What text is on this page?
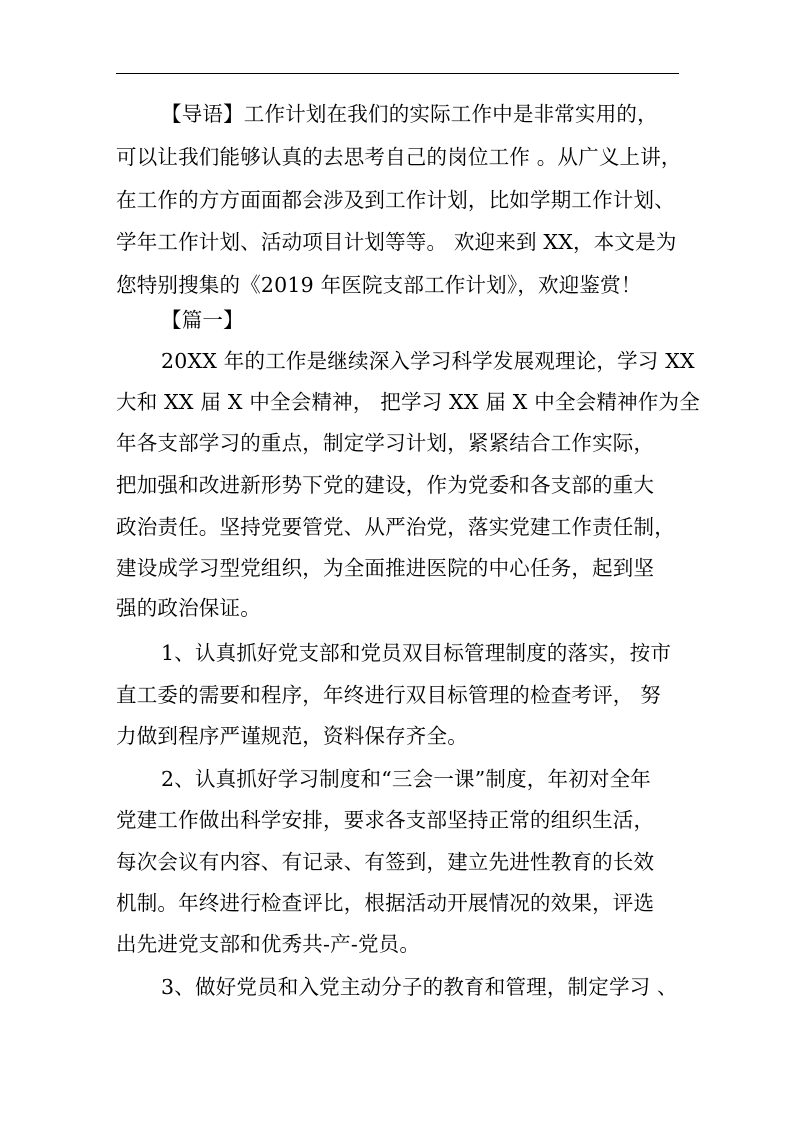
【导语】工作计划在我们的实际工作中是非常实用的，
可以让我们能够认真的去思考自己的岗位工作 。从广义上讲，
在工作的方方面面都会涉及到工作计划，比如学期工作计划、
学年工作计划、活动项目计划等等。 欢迎来到 XX，本文是为
您特别搜集的《2019 年医院支部工作计划》，欢迎鉴赏！
【篇一】
20XX 年的工作是继续深入学习科学发展观理论，学习 XX
大和 XX 届 X 中全会精神， 把学习 XX 届 X 中全会精神作为全
年各支部学习的重点，制定学习计划，紧紧结合工作实际，
把加强和改进新形势下党的建设，作为党委和各支部的重大
政治责任。坚持党要管党、从严治党，落实党建工作责任制，
建设成学习型党组织，为全面推进医院的中心任务，起到坚
强的政治保证。
1、认真抓好党支部和党员双目标管理制度的落实，按市
直工委的需要和程序，年终进行双目标管理的检查考评， 努
力做到程序严谨规范，资料保存齐全。
2、认真抓好学习制度和“三会一课”制度，年初对全年
党建工作做出科学安排，要求各支部坚持正常的组织生活，
每次会议有内容、有记录、有签到，建立先进性教育的长效
机制。年终进行检查评比，根据活动开展情况的效果，评选
出先进党支部和优秀共-产-党员。
3、做好党员和入党主动分子的教育和管理，制定学习 、
